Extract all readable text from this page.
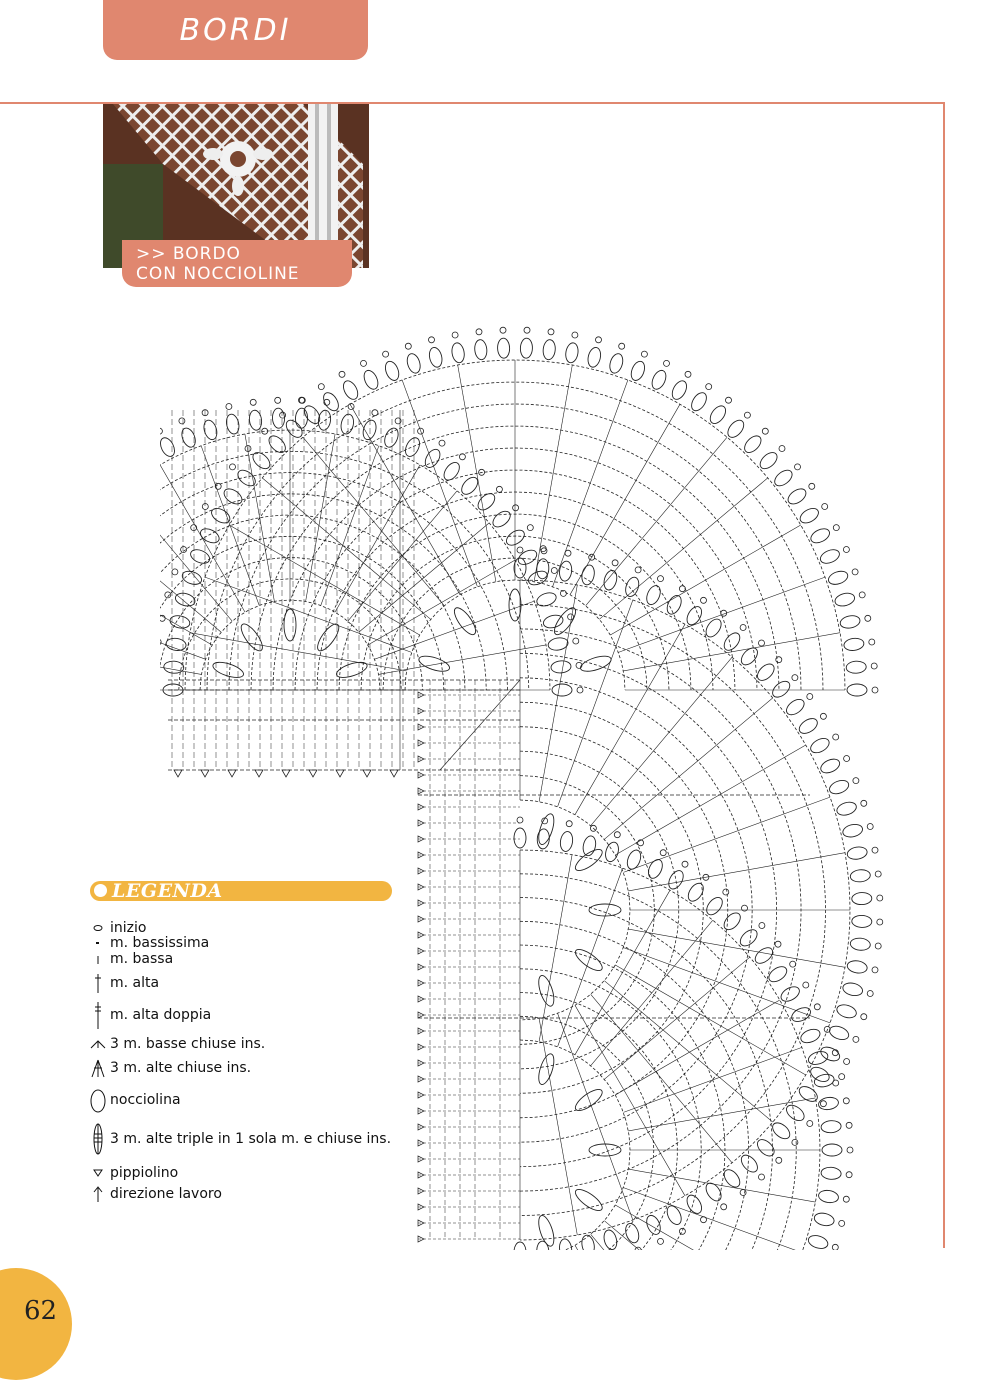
BORDI
>> BORDO
CON NOCCIOLINE
LEGENDA
inizio
m. bassissima
m. bassa
m. alta
m. alta doppia
3 m. basse chiuse ins.
3 m. alte chiuse ins.
nocciolina
3 m. alte triple in 1 sola m. e chiuse ins.
pippiolino
direzione lavoro
62
